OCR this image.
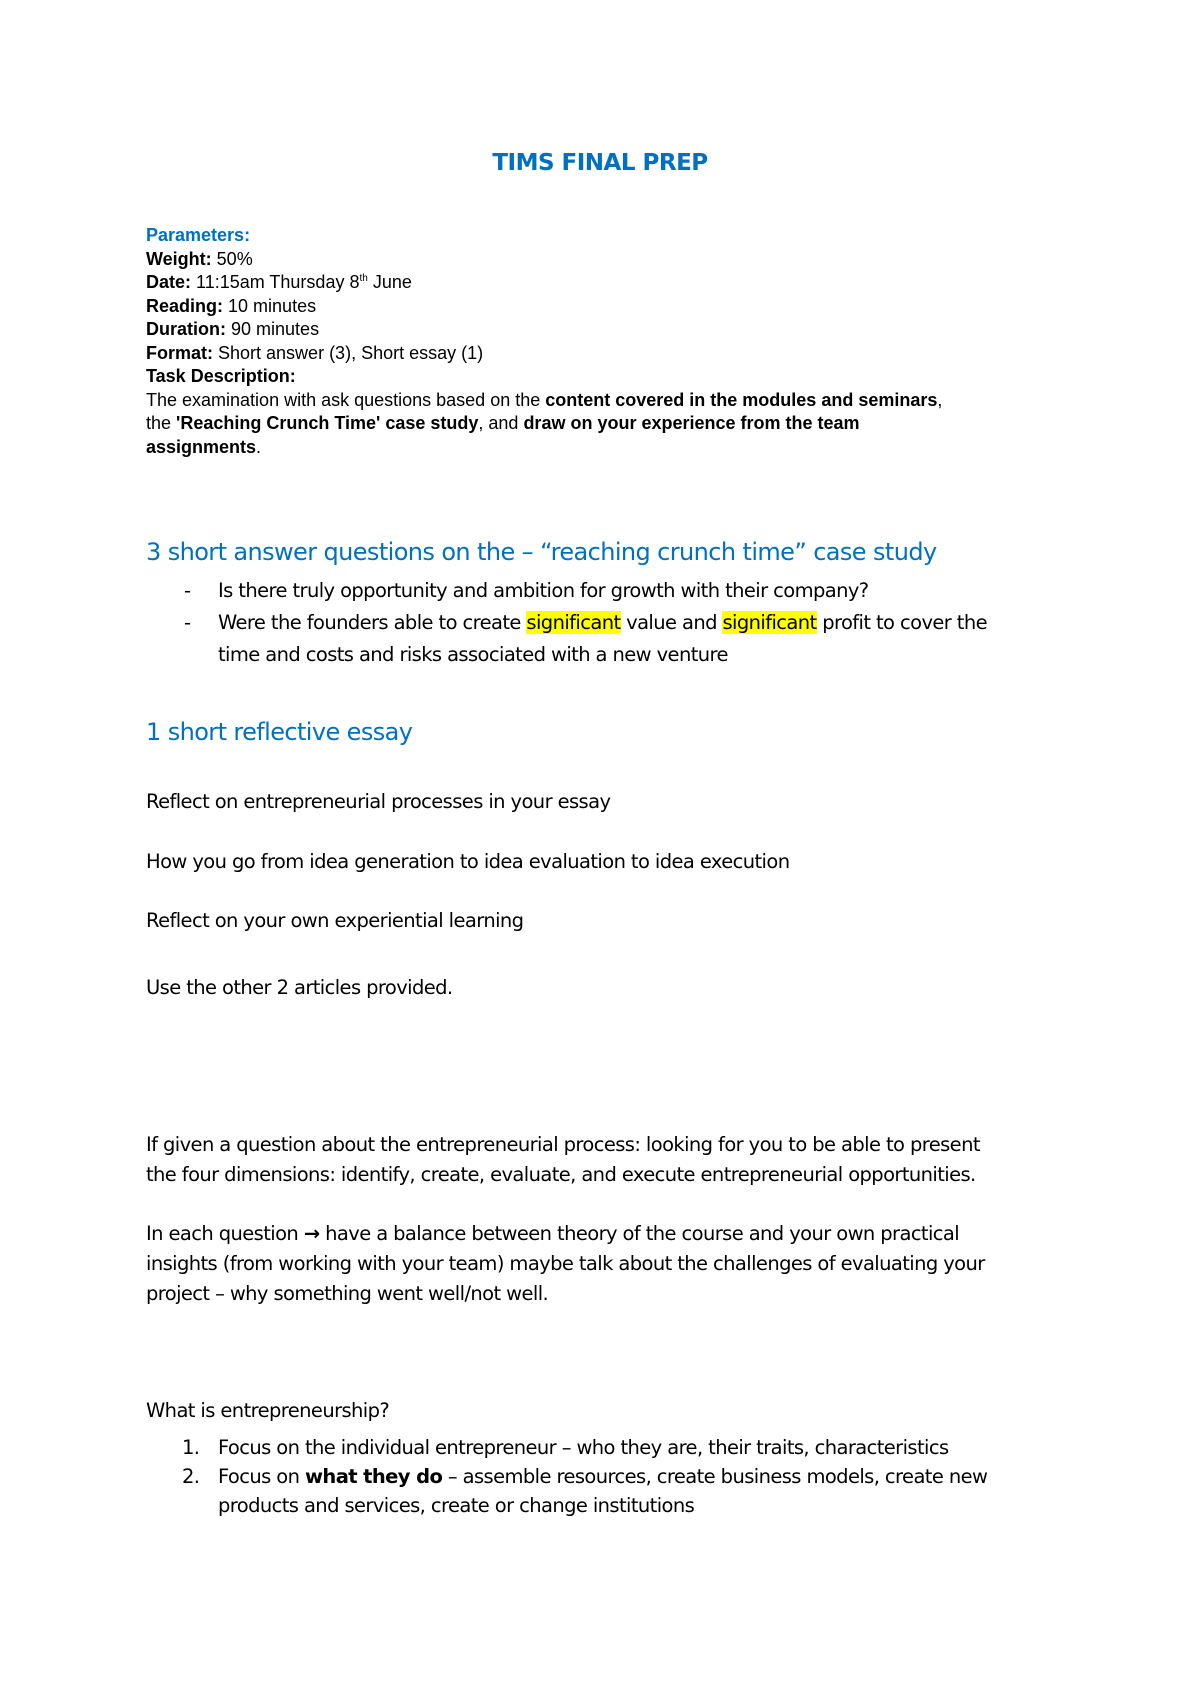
TIMS FINAL PREP
Parameters:
Weight: 50%
Date: 11:15am Thursday 8th June
Reading: 10 minutes
Duration: 90 minutes
Format: Short answer (3), Short essay (1)
Task Description:
The examination with ask questions based on the content covered in the modules and seminars,
the 'Reaching Crunch Time' case study, and draw on your experience from the team
assignments.
3 short answer questions on the – “reaching crunch time” case study
- Is there truly opportunity and ambition for growth with their company?
- Were the founders able to create significant value and significant profit to cover the
time and costs and risks associated with a new venture
1 short reflective essay
Reflect on entrepreneurial processes in your essay
How you go from idea generation to idea evaluation to idea execution
Reflect on your own experiential learning
Use the other 2 articles provided.
If given a question about the entrepreneurial process: looking for you to be able to present
the four dimensions: identify, create, evaluate, and execute entrepreneurial opportunities.
In each question → have a balance between theory of the course and your own practical
insights (from working with your team) maybe talk about the challenges of evaluating your
project – why something went well/not well.
What is entrepreneurship?
1. Focus on the individual entrepreneur – who they are, their traits, characteristics
2. Focus on what they do – assemble resources, create business models, create new
products and services, create or change institutions
